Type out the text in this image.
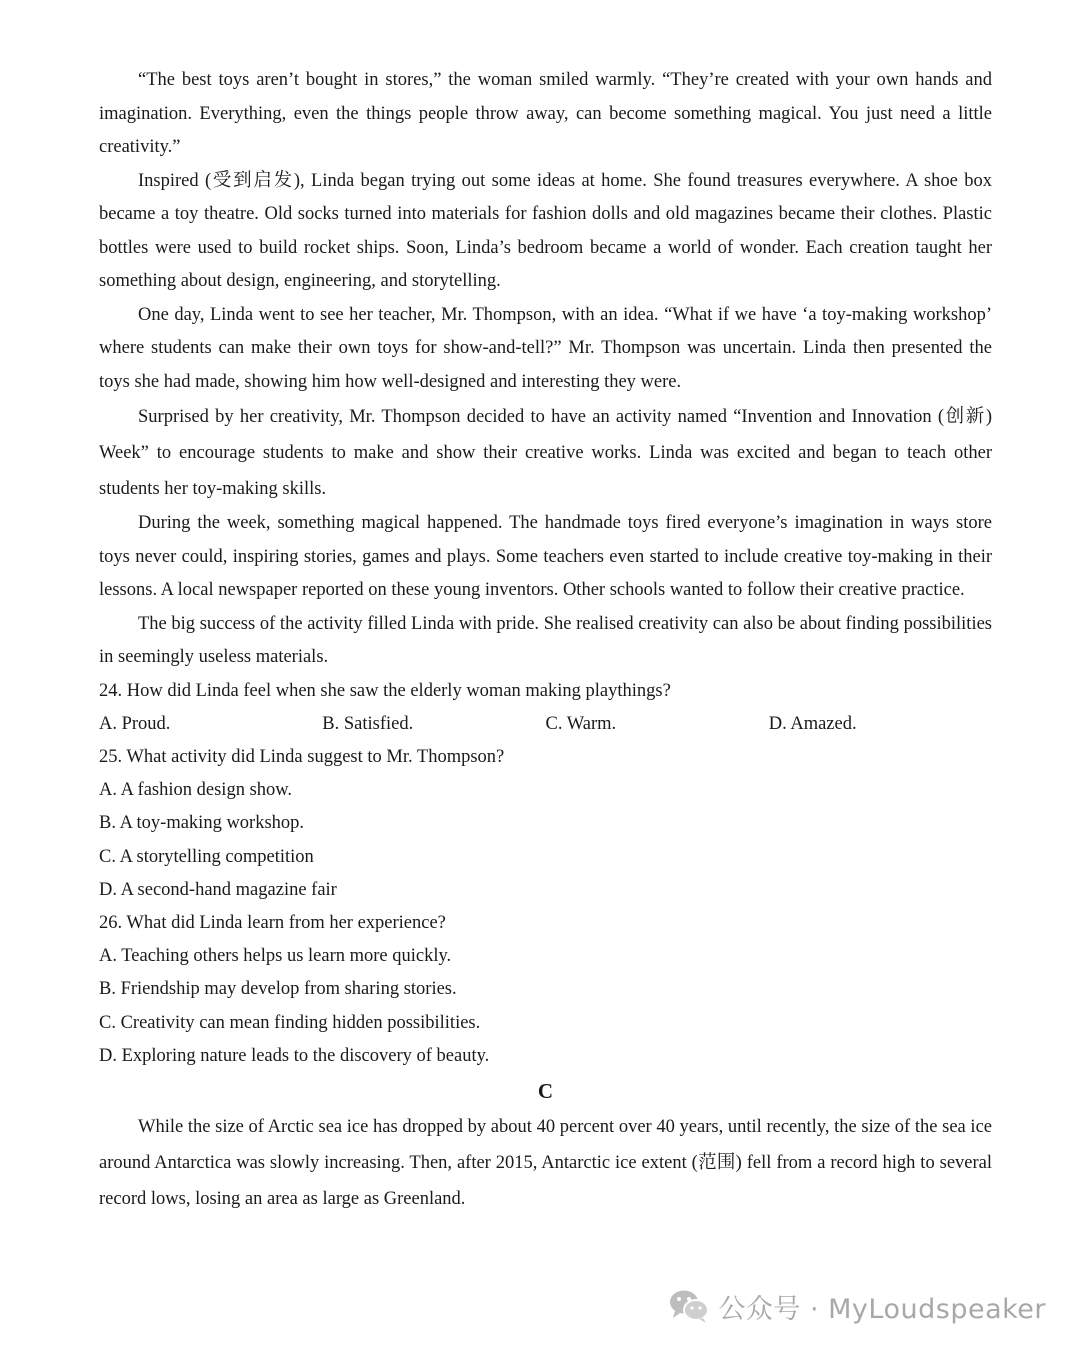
“The best toys aren’t bought in stores,” the woman smiled warmly. “They’re created with your own hands and imagination. Everything, even the things people throw away, can become something magical. You just need a little creativity.”

Inspired (受到启发), Linda began trying out some ideas at home. She found treasures everywhere. A shoe box became a toy theatre. Old socks turned into materials for fashion dolls and old magazines became their clothes. Plastic bottles were used to build rocket ships. Soon, Linda’s bedroom became a world of wonder. Each creation taught her something about design, engineering, and storytelling.

One day, Linda went to see her teacher, Mr. Thompson, with an idea. “What if we have ‘a toy-making workshop’ where students can make their own toys for show-and-tell?” Mr. Thompson was uncertain. Linda then presented the toys she had made, showing him how well-designed and interesting they were.

Surprised by her creativity, Mr. Thompson decided to have an activity named “Invention and Innovation (创新) Week” to encourage students to make and show their creative works. Linda was excited and began to teach other students her toy-making skills.

During the week, something magical happened. The handmade toys fired everyone’s imagination in ways store toys never could, inspiring stories, games and plays. Some teachers even started to include creative toy-making in their lessons. A local newspaper reported on these young inventors. Other schools wanted to follow their creative practice.

The big success of the activity filled Linda with pride. She realised creativity can also be about finding possibilities in seemingly useless materials.

24. How did Linda feel when she saw the elderly woman making playthings?

A. Proud.	B. Satisfied.	C. Warm.	D. Amazed.

25. What activity did Linda suggest to Mr. Thompson?

A. A fashion design show.

B. A toy-making workshop.

C. A storytelling competition

D. A second-hand magazine fair

26. What did Linda learn from her experience?

A. Teaching others helps us learn more quickly.

B. Friendship may develop from sharing stories.

C. Creativity can mean finding hidden possibilities.

D. Exploring nature leads to the discovery of beauty.

C

While the size of Arctic sea ice has dropped by about 40 percent over 40 years, until recently, the size of the sea ice around Antarctica was slowly increasing. Then, after 2015, Antarctic ice extent (范围) fell from a record high to several record lows, losing an area as large as Greenland.

公众号 · MyLoudspeaker
